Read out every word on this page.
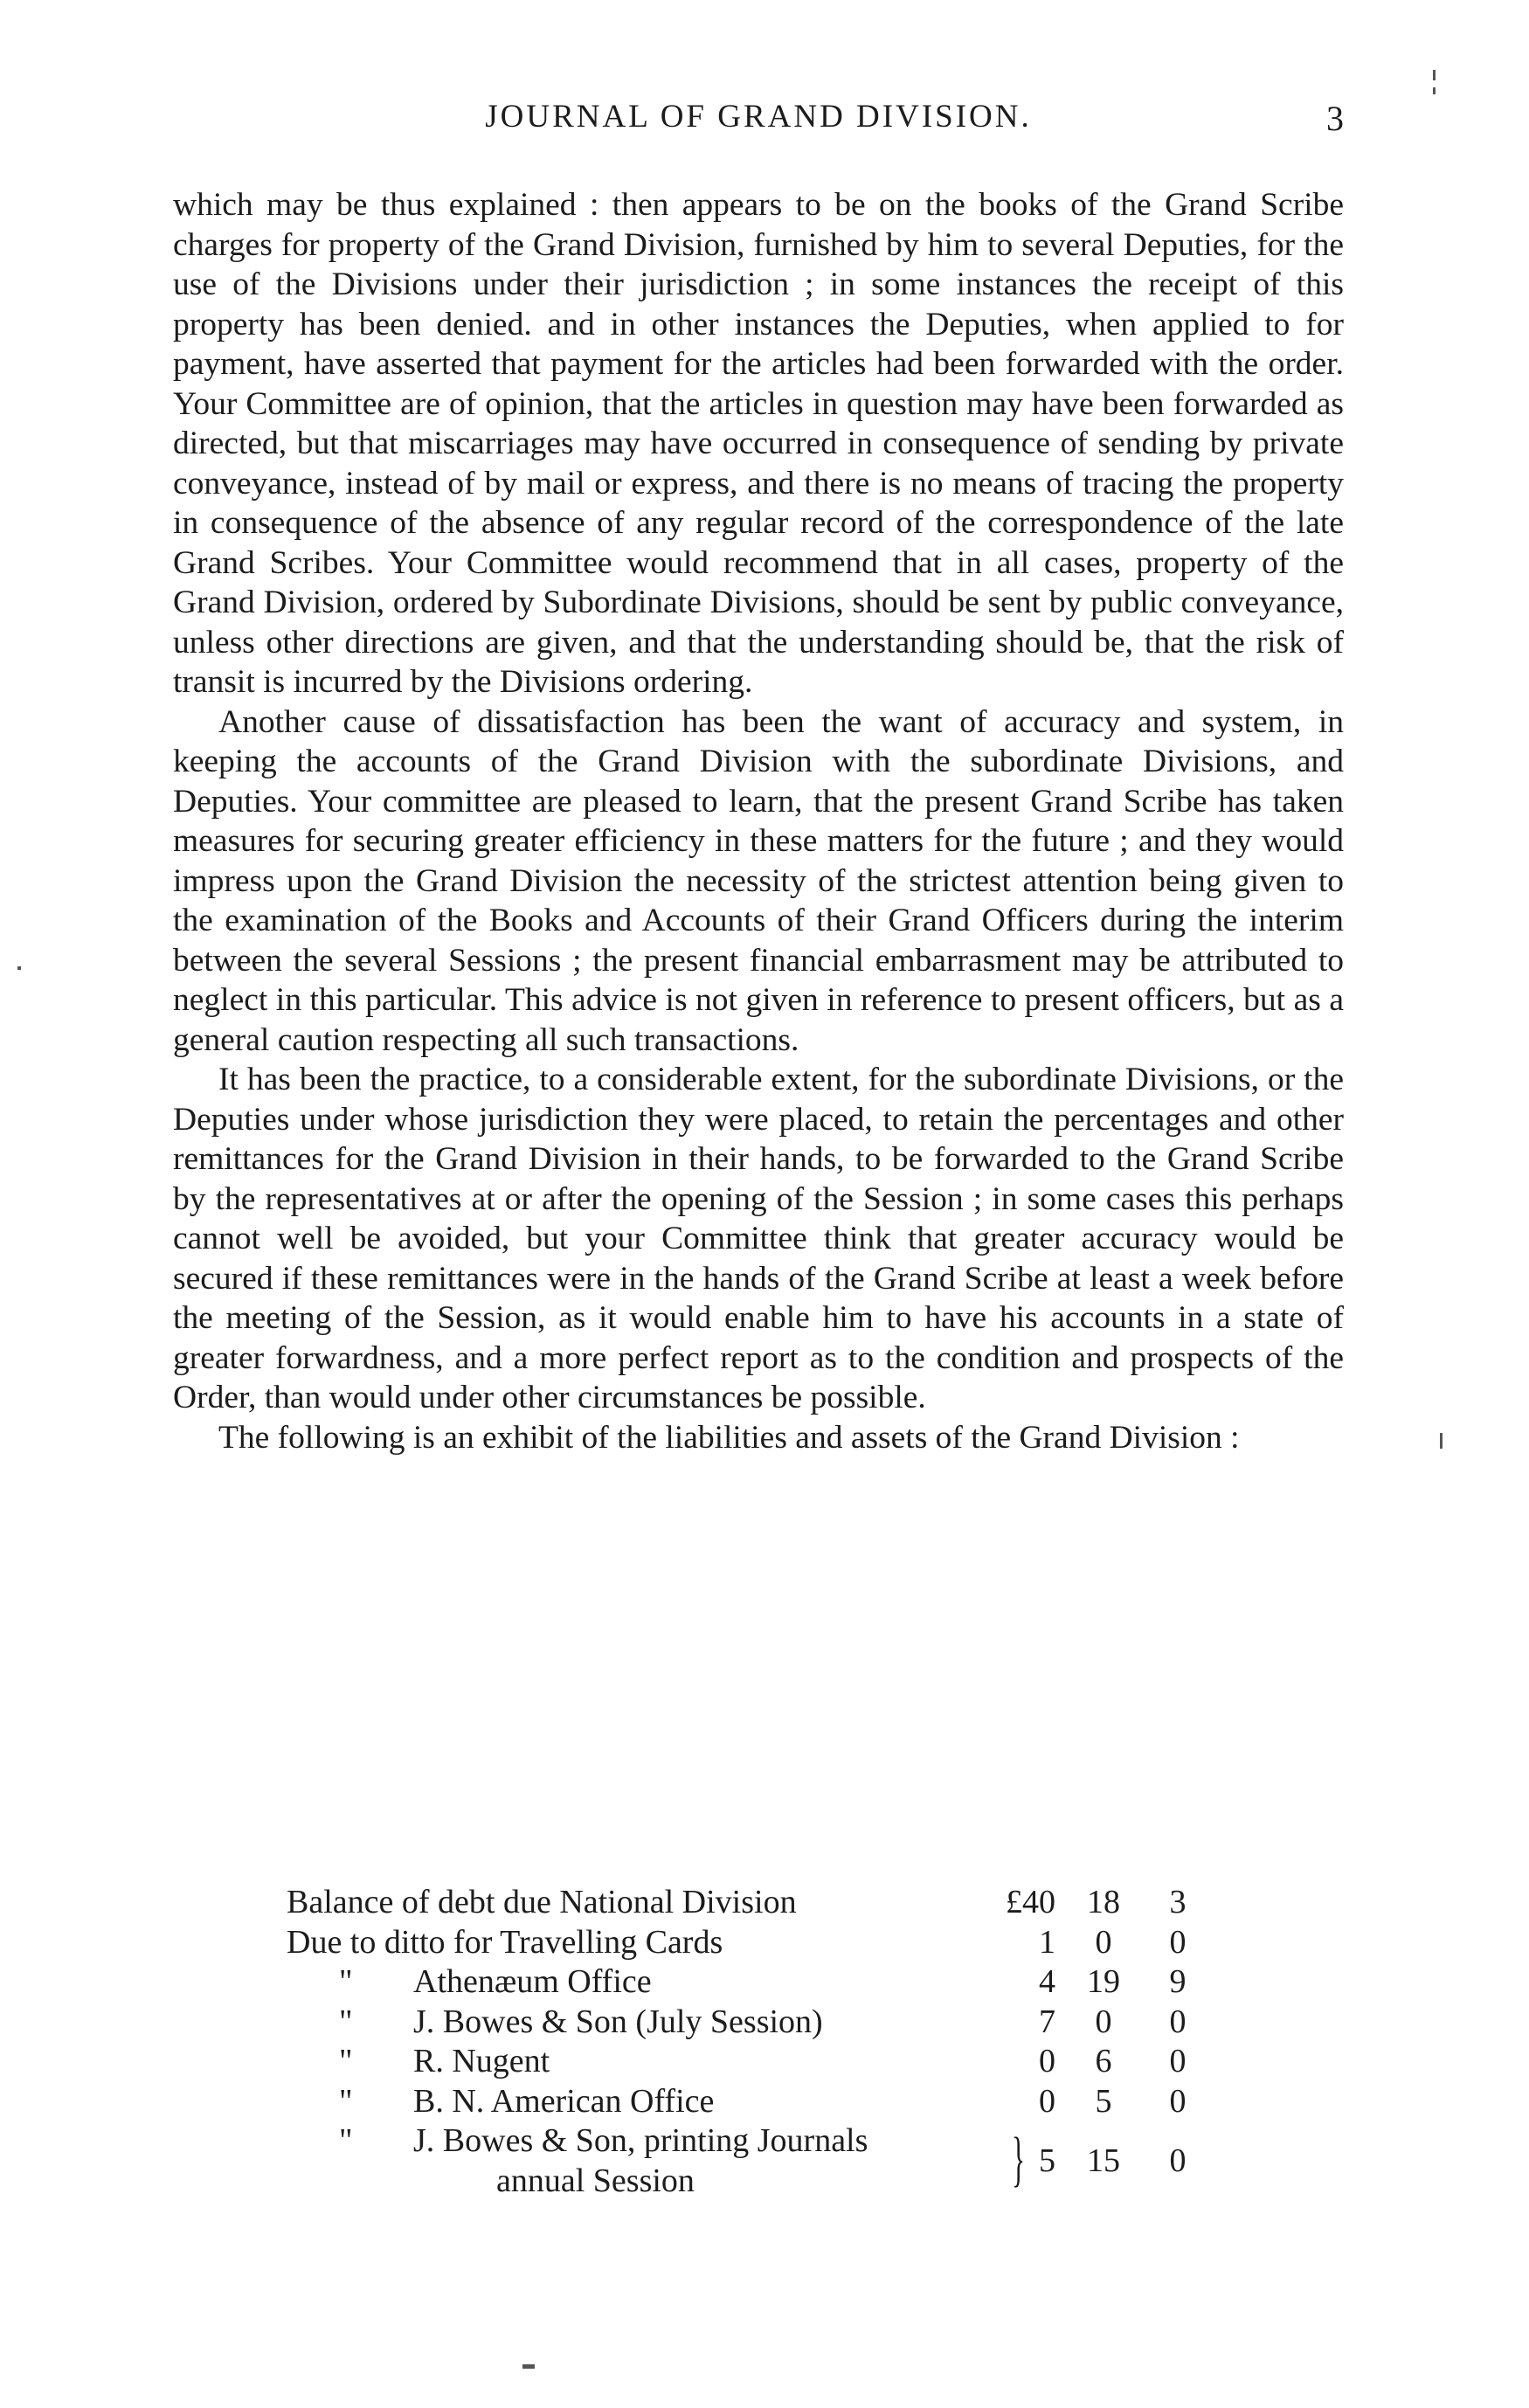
JOURNAL OF GRAND DIVISION.	3

which may be thus explained : then appears to be on the books of the Grand Scribe charges for property of the Grand Division, furnished by him to several Deputies, for the use of the Divisions under their jurisdiction ; in some instances the receipt of this property has been denied. and in other instances the Deputies, when applied to for payment, have asserted that payment for the articles had been forwarded with the order. Your Committee are of opinion, that the articles in question may have been forwarded as directed, but that miscarriages may have occurred in consequence of sending by private conveyance, instead of by mail or express, and there is no means of tracing the property in consequence of the absence of any regular record of the correspondence of the late Grand Scribes. Your Committee would recommend that in all cases, property of the Grand Division, ordered by Subordinate Divisions, should be sent by public conveyance, unless other directions are given, and that the understanding should be, that the risk of transit is incurred by the Divisions ordering.

Another cause of dissatisfaction has been the want of accuracy and system, in keeping the accounts of the Grand Division with the subordinate Divisions, and Deputies. Your committee are pleased to learn, that the present Grand Scribe has taken measures for securing greater efficiency in these matters for the future ; and they would impress upon the Grand Division the necessity of the strictest attention being given to the examination of the Books and Accounts of their Grand Officers during the interim between the several Sessions ; the present financial embarrasment may be attributed to neglect in this particular. This advice is not given in reference to present officers, but as a general caution respecting all such transactions.

It has been the practice, to a considerable extent, for the subordinate Divisions, or the Deputies under whose jurisdiction they were placed, to retain the percentages and other remittances for the Grand Division in their hands, to be forwarded to the Grand Scribe by the representatives at or after the opening of the Session ; in some cases this perhaps cannot well be avoided, but your Committee think that greater accuracy would be secured if these remittances were in the hands of the Grand Scribe at least a week before the meeting of the Session, as it would enable him to have his accounts in a state of greater forwardness, and a more perfect report as to the condition and prospects of the Order, than would under other circumstances be possible.

The following is an exhibit of the liabilities and assets of the Grand Division :

Balance of debt due National Division	£40 18	3
Due to ditto for Travelling Cards	1	0	0
"	Athenæum Office	4 19	9
"	J. Bowes & Son (July Session)	7	0	0
"	R. Nugent	0	6	0
"	B. N. American Office	0	5	0
"	J. Bowes & Son, printing Journals
annual Session	} 5 15	0
